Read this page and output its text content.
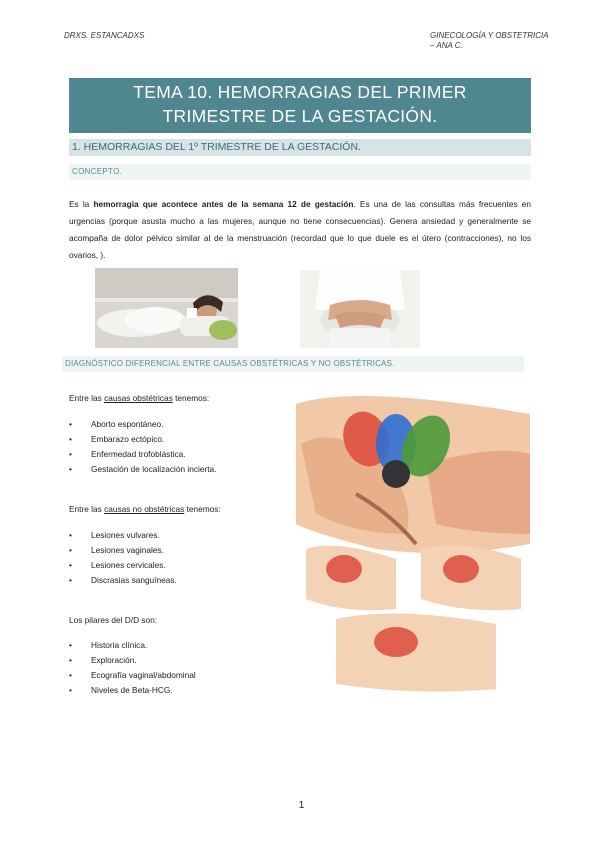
DRXS. ESTANCADXS	GINECOLOGÍA Y OBSTETRICIA
– ANA C.
TEMA 10. HEMORRAGIAS DEL PRIMER
TRIMESTRE DE LA GESTACIÓN.
1. HEMORRAGIAS DEL 1º TRIMESTRE DE LA GESTACIÓN.
CONCEPTO.
Es la hemorragia que acontece antes de la semana 12 de gestación. Es una de las consultas más frecuentes en urgencias (porque asusta mucho a las mujeres, aunque no tiene consecuencias). Genera ansiedad y generalmente se acompaña de dolor pélvico similar al de la menstruación (recordad que lo que duele es el útero (contracciones), no los ovarios, ).
DIAGNÓSTICO DIFERENCIAL ENTRE CAUSAS OBSTÉTRICAS Y NO OBSTÉTRICAS.
Entre las causas obstétricas tenemos:
• Aborto espontáneo.
• Embarazo ectópico.
• Enfermedad trofoblástica.
• Gestación de localización incierta.
Entre las causas no obstétricas tenemos:
• Lesiones vulvares.
• Lesiones vaginales.
• Lesiones cervicales.
• Discrasias sanguíneas.
Los pilares del D/D son:
• Historia clínica.
• Exploración.
• Ecografía vaginal/abdominal
• Niveles de Beta-HCG.
1
